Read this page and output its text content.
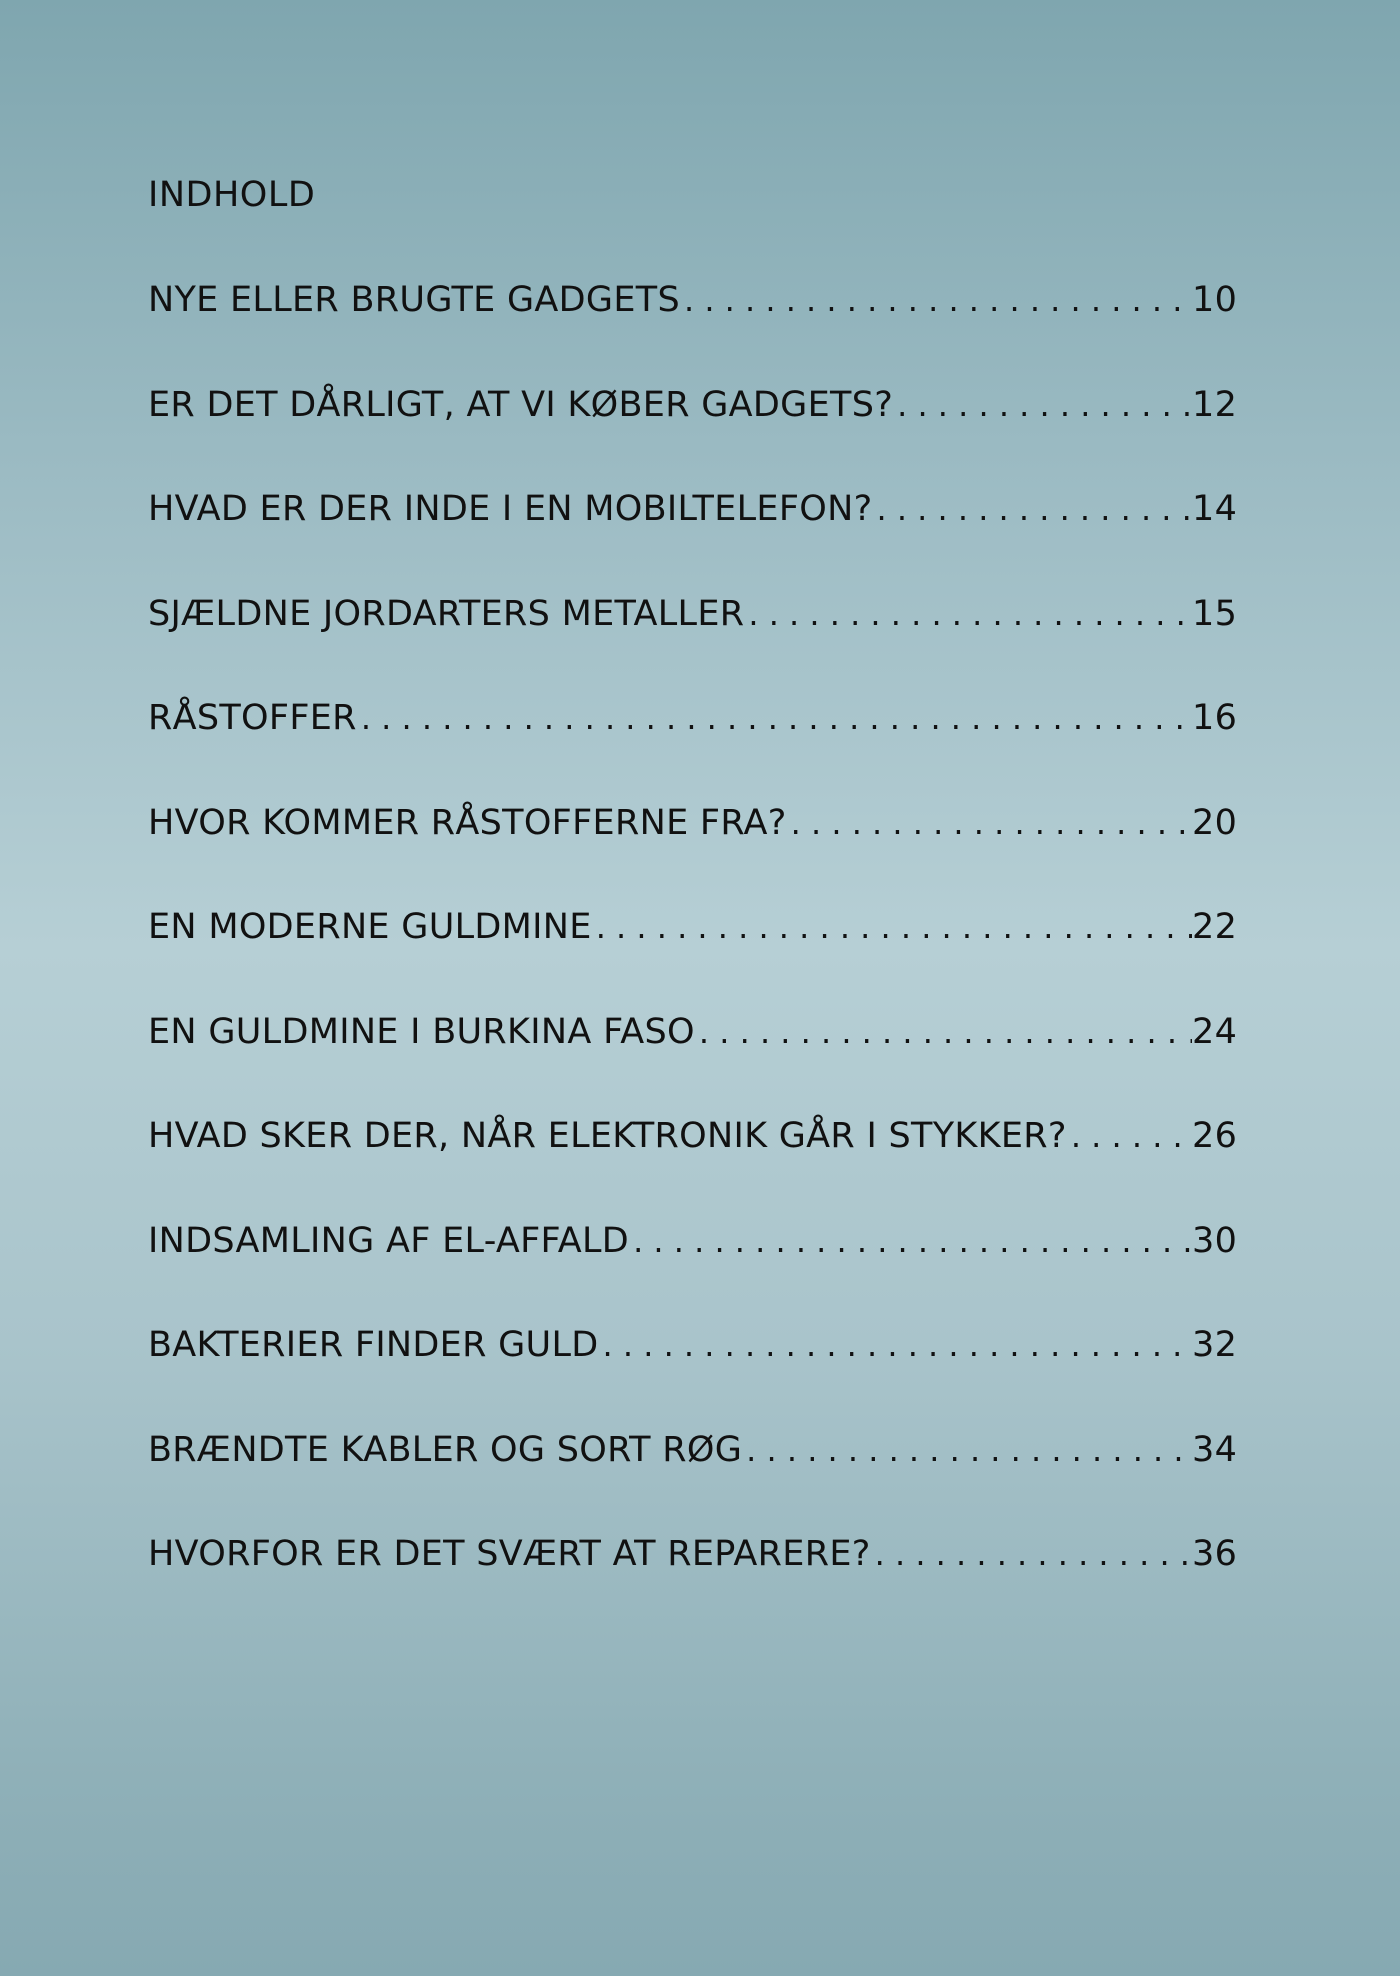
INDHOLD
NYE ELLER BRUGTE GADGETS . . .	10
ER DET DÅRLIGT, AT VI KØBER GADGETS? . . .	12
HVAD ER DER INDE I EN MOBILTELEFON? . . .	14
SJÆLDNE JORDARTERS METALLER . . .	15
RÅSTOFFER . . .	16
HVOR KOMMER RÅSTOFFERNE FRA? . . .	20
EN MODERNE GULDMINE . . .	22
EN GULDMINE I BURKINA FASO . . .	24
HVAD SKER DER, NÅR ELEKTRONIK GÅR I STYKKER? . . .	26
INDSAMLING AF EL-AFFALD . . .	30
BAKTERIER FINDER GULD . . .	32
BRÆNDTE KABLER OG SORT RØG . . .	34
HVORFOR ER DET SVÆRT AT REPARERE? . . .	36
